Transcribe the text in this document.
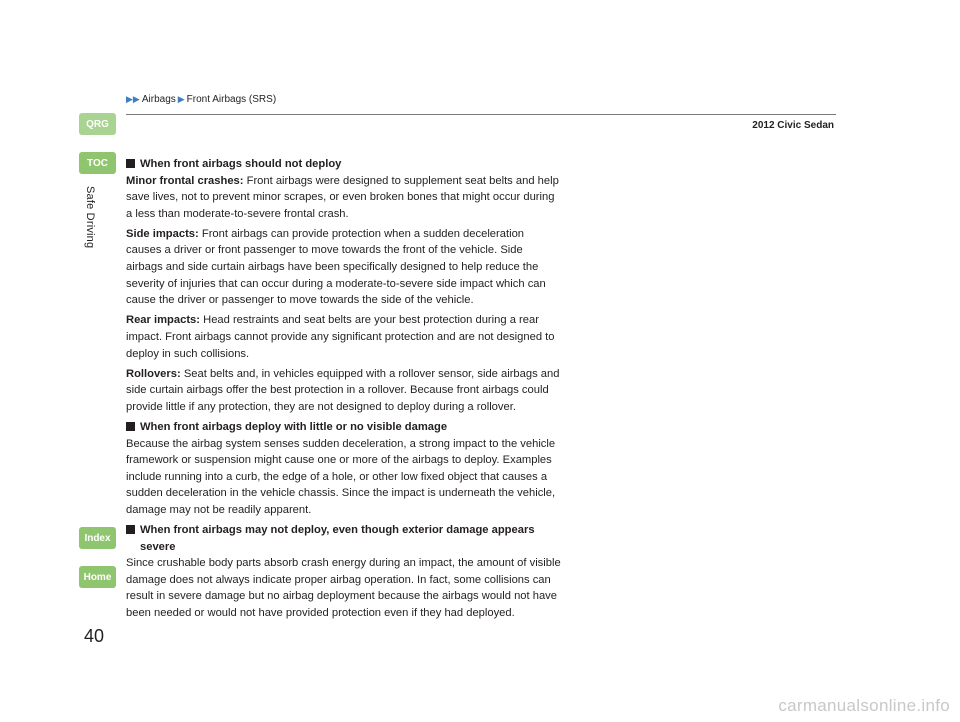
▶▶ Airbags ▶ Front Airbags (SRS)
2012 Civic Sedan
QRG
TOC
Index
Home
Safe Driving
40
When front airbags should not deploy

Minor frontal crashes: Front airbags were designed to supplement seat belts and help save lives, not to prevent minor scrapes, or even broken bones that might occur during a less than moderate-to-severe frontal crash.

Side impacts: Front airbags can provide protection when a sudden deceleration causes a driver or front passenger to move towards the front of the vehicle. Side airbags and side curtain airbags have been specifically designed to help reduce the severity of injuries that can occur during a moderate-to-severe side impact which can cause the driver or passenger to move towards the side of the vehicle.

Rear impacts: Head restraints and seat belts are your best protection during a rear impact. Front airbags cannot provide any significant protection and are not designed to deploy in such collisions.

Rollovers: Seat belts and, in vehicles equipped with a rollover sensor, side airbags and side curtain airbags offer the best protection in a rollover. Because front airbags could provide little if any protection, they are not designed to deploy during a rollover.

When front airbags deploy with little or no visible damage

Because the airbag system senses sudden deceleration, a strong impact to the vehicle framework or suspension might cause one or more of the airbags to deploy. Examples include running into a curb, the edge of a hole, or other low fixed object that causes a sudden deceleration in the vehicle chassis. Since the impact is underneath the vehicle, damage may not be readily apparent.

When front airbags may not deploy, even though exterior damage appears severe

Since crushable body parts absorb crash energy during an impact, the amount of visible damage does not always indicate proper airbag operation. In fact, some collisions can result in severe damage but no airbag deployment because the airbags would not have been needed or would not have provided protection even if they had deployed.

carmanualsonline.info
